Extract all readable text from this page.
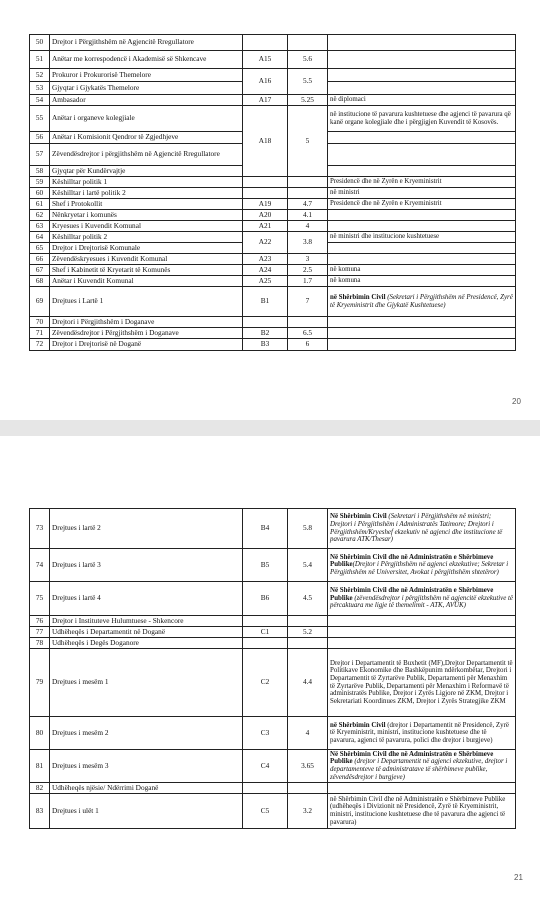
50	Drejtor i Përgjithshëm në Agjencitë Rregullatore			
51	Anëtar me korrespodencë i Akademisë së Shkencave	A15	5.6	
52	Prokuror i Prokurorisë Themelore	A16	5.5	
53	Gjyqtar i Gjykatës Themelore			
54	Ambasador	A17	5.25	në diplomaci
55	Anëtar i organeve kolegjiale	A18	5	në institucione të pavarura kushtetuese dhe agjenci të pavarura që kanë organe kolegjiale dhe i përgjigjen Kuvendit të Kosovës.
56	Anëtar i Komisionit Qendror të Zgjedhjeve			
57	Zëvendësdrejtor i përgjithshëm në Agjencitë Rregullatore			
58	Gjyqtar për Kundërvajtje			
59	Këshilltar politik 1			Presidencë dhe në Zyrën e Kryeministrit
60	Këshilltar i lartë politik 2			në ministri
61	Shef i Protokollit	A19	4.7	Presidencë dhe në Zyrën e Kryeministrit
62	Nënkryetar i komunës	A20	4.1	
63	Kryesues i Kuvendit Komunal	A21	4	
64	Këshilltar politik 2	A22	3.8	në ministri dhe institucione kushtetuese
65	Drejtor i Drejtorisë Komunale			
66	Zëvendëskryesues i Kuvendit Komunal	A23	3	
67	Shef i Kabinetit të Kryetarit të Komunës	A24	2.5	në komuna
68	Anëtar i Kuvendit Komunal	A25	1.7	në komuna
69	Drejtues i Lartë 1	B1	7	në Shërbimin Civil (Sekretari i Përgjithshëm në Presidencë, Zyrë të Kryeministrit dhe Gjykatë Kushtetuese)
70	Drejtori i Përgjithshëm i Doganave			
71	Zëvendësdrejtor i Përgjithshëm i Doganave	B2	6.5	
72	Drejtor i Drejtorisë në Doganë	B3	6	
20
73	Drejtues i lartë 2	B4	5.8	Në Shërbimin Civil (Sekretari i Përgjithshëm në ministri; Drejtori i Përgjithshëm i Administratës Tatimore; Drejtori i Përgjithshëm/Kryeshef ekzekutiv në agjenci dhe institucione të pavarura ATK/Thesar)
74	Drejtues i lartë 3	B5	5.4	Në Shërbimin Civil dhe në Administratën e Shërbimeve Publike(Drejtor i Përgjithshëm në agjenci ekzekutive; Sekretar i Përgjithshëm në Universitet, Avokat i përgjithshëm shtetëror)
75	Drejtues i lartë 4	B6	4.5	Në Shërbimin Civil dhe në Administratën e Shërbimeve Publike (zëvendësdrejtor i përgjithshëm në agjencitë ekzekutive të përcaktuara me ligje të themelimit - ATK, AVUK)
76	Drejtor i Institutevе Hulumtuese - Shkencore			
77	Udhëheqës i Departamentit në Doganë	C1	5.2	
78	Udhëheqës i Degës Doganore			
79	Drejtues i mesëm 1	C2	4.4	Drejtor i Departamentit të Buxhetit (MF),Drejtor Departamentit të Politikave Ekonomike dhe Bashkëpunim ndërkombëtar, Drejtori i Departamentit të Zyrtarëve Publik, Departamenti për Menaxhim të Zyrtarëve Publik, Departamenti për Menaxhim i Reformavë të administratës Publike, Drejtor i Zyrës Ligjore në ZKM, Drejtor i Sekretariati Koordinues ZKM, Drejtor i Zyrës Strategjike ZKM
80	Drejtues i mesëm 2	C3	4	në Shërbimin Civil (drejtor i Departamentit në Presidencë, Zyrë të Kryeministrit, ministri, institucione kushtetuese dhe të pavarura, agjenci të pavarura, polici dhe drejtor i burgjeve)
81	Drejtues i mesëm 3	C4	3.65	Në Shërbimin Civil dhe në Administratën e Shërbimeve Publike (drejtor i Departamentit në agjenci ekzekutive, drejtor i departamenteve të administratave të shërbimeve publike, zëvendësdrejtor i burgjeve)
82	Udhëheqës njësie/ Ndërrimi Doganë			
83	Drejtues i ulët 1	C5	3.2	në Shërbimin Civil dhe në Administratën e Shërbimeve Publike (udhëheqës i Divizionit në Presidencë, Zyrë të Kryeministrit, ministri, institucione kushtetuese dhe të pavarura dhe agjenci të pavarura)
21
